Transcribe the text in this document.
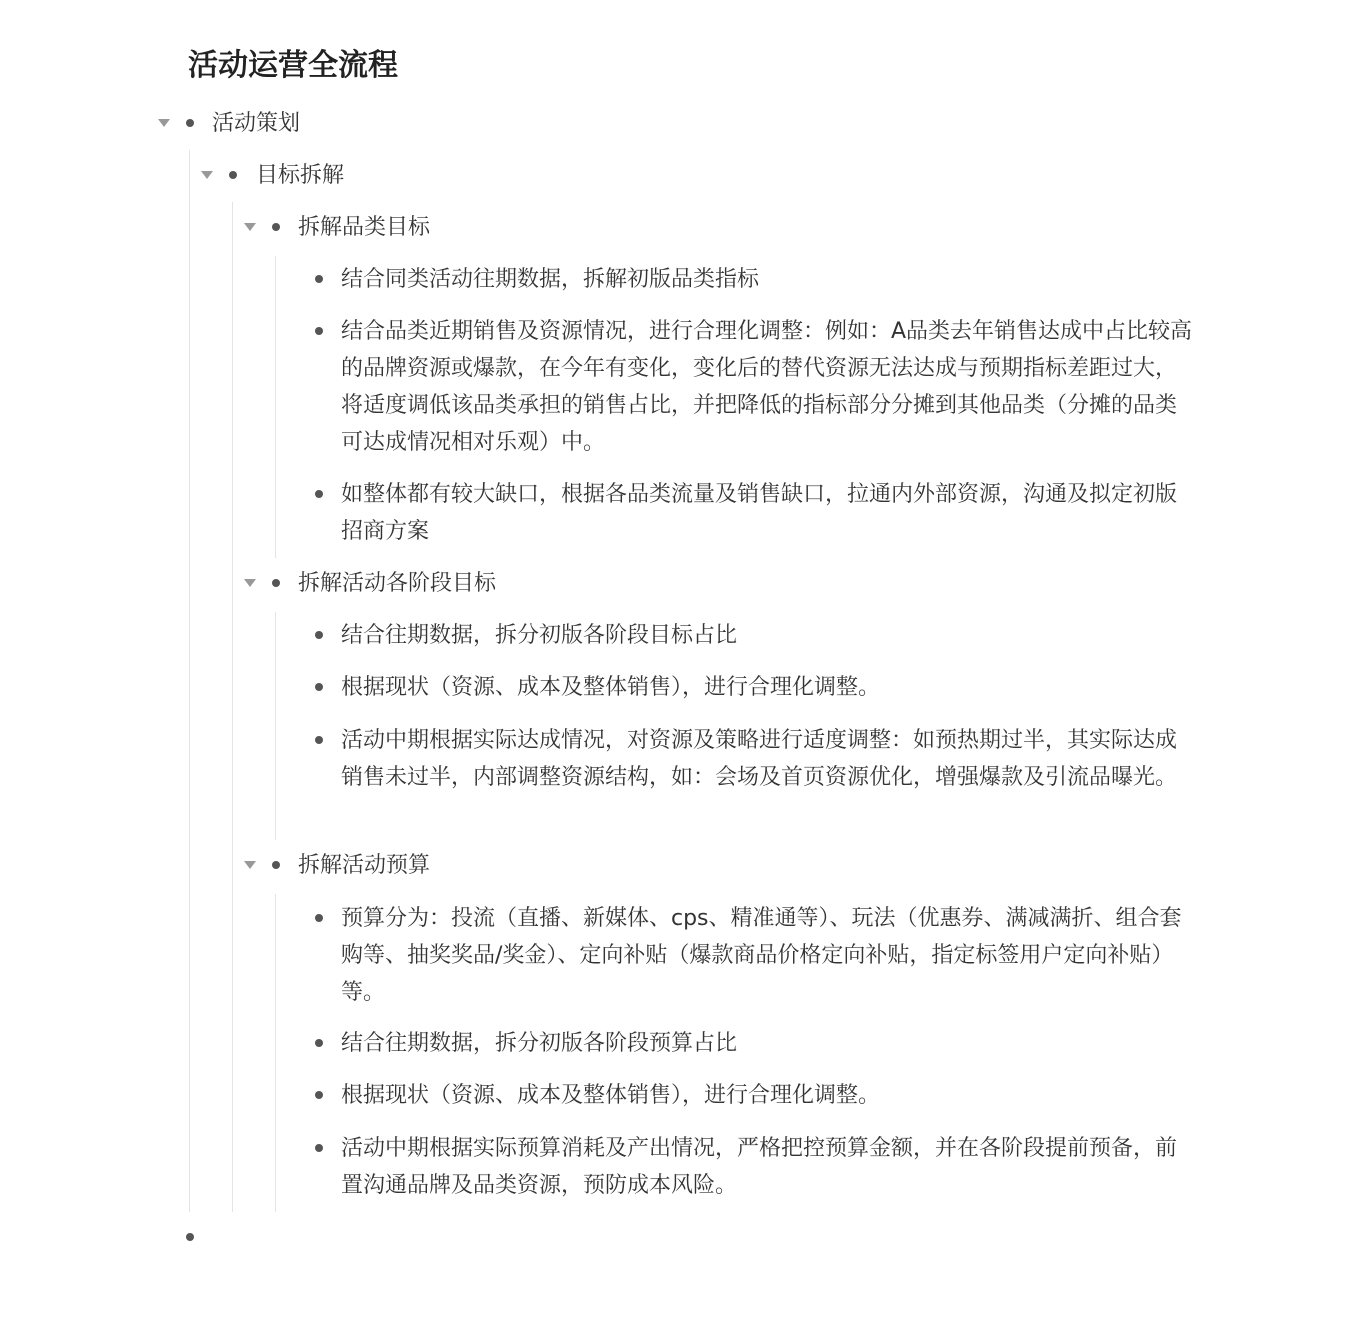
活动运营全流程
活动策划
目标拆解
拆解品类目标
结合同类活动往期数据，拆解初版品类指标
结合品类近期销售及资源情况，进行合理化调整：例如：A品类去年销售达成中占比较高的品牌资源或爆款，在今年有变化，变化后的替代资源无法达成与预期指标差距过大，将适度调低该品类承担的销售占比，并把降低的指标部分分摊到其他品类（分摊的品类可达成情况相对乐观）中。
如整体都有较大缺口，根据各品类流量及销售缺口，拉通内外部资源，沟通及拟定初版招商方案
拆解活动各阶段目标
结合往期数据，拆分初版各阶段目标占比
根据现状（资源、成本及整体销售），进行合理化调整。
活动中期根据实际达成情况，对资源及策略进行适度调整：如预热期过半，其实际达成销售未过半，内部调整资源结构，如：会场及首页资源优化，增强爆款及引流品曝光。
拆解活动预算
预算分为：投流（直播、新媒体、cps、精准通等）、玩法（优惠券、满减满折、组合套购等、抽奖奖品/奖金）、定向补贴（爆款商品价格定向补贴，指定标签用户定向补贴）等。
结合往期数据，拆分初版各阶段预算占比
根据现状（资源、成本及整体销售），进行合理化调整。
活动中期根据实际预算消耗及产出情况，严格把控预算金额，并在各阶段提前预备，前置沟通品牌及品类资源，预防成本风险。
